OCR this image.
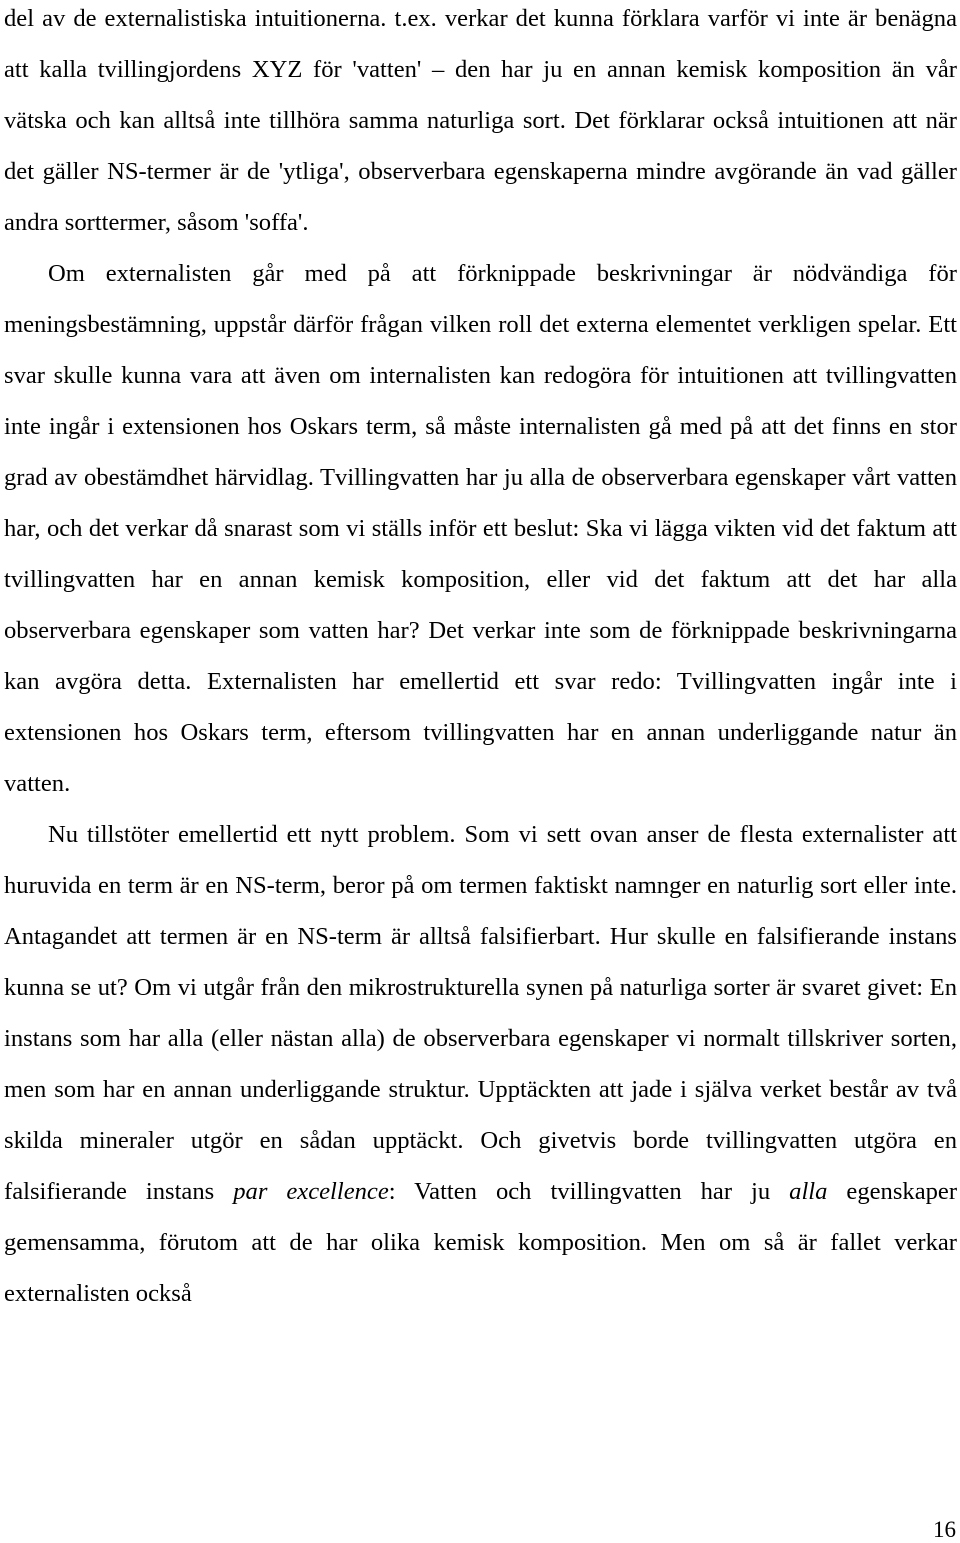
del av de externalistiska intuitionerna. t.ex. verkar det kunna förklara varför vi inte är benägna att kalla tvillingjordens XYZ för 'vatten' – den har ju en annan kemisk komposition än vår vätska och kan alltså inte tillhöra samma naturliga sort. Det förklarar också intuitionen att när det gäller NS-termer är de 'ytliga', observerbara egenskaperna mindre avgörande än vad gäller andra sorttermer, såsom 'soffa'.

Om externalisten går med på att förknippade beskrivningar är nödvändiga för meningsbestämning, uppstår därför frågan vilken roll det externa elementet verkligen spelar. Ett svar skulle kunna vara att även om internalisten kan redogöra för intuitionen att tvillingvatten inte ingår i extensionen hos Oskars term, så måste internalisten gå med på att det finns en stor grad av obestämdhet härvidlag. Tvillingvatten har ju alla de observerbara egenskaper vårt vatten har, och det verkar då snarast som vi ställs inför ett beslut: Ska vi lägga vikten vid det faktum att tvillingvatten har en annan kemisk komposition, eller vid det faktum att det har alla observerbara egenskaper som vatten har? Det verkar inte som de förknippade beskrivningarna kan avgöra detta. Externalisten har emellertid ett svar redo: Tvillingvatten ingår inte i extensionen hos Oskars term, eftersom tvillingvatten har en annan underliggande natur än vatten.

Nu tillstöter emellertid ett nytt problem. Som vi sett ovan anser de flesta externalister att huruvida en term är en NS-term, beror på om termen faktiskt namnger en naturlig sort eller inte. Antagandet att termen är en NS-term är alltså falsifierbart. Hur skulle en falsifierande instans kunna se ut? Om vi utgår från den mikrostrukturella synen på naturliga sorter är svaret givet: En instans som har alla (eller nästan alla) de observerbara egenskaper vi normalt tillskriver sorten, men som har en annan underliggande struktur. Upptäckten att jade i själva verket består av två skilda mineraler utgör en sådan upptäckt. Och givetvis borde tvillingvatten utgöra en falsifierande instans par excellence: Vatten och tvillingvatten har ju alla egenskaper gemensamma, förutom att de har olika kemisk komposition. Men om så är fallet verkar externalisten också

16
